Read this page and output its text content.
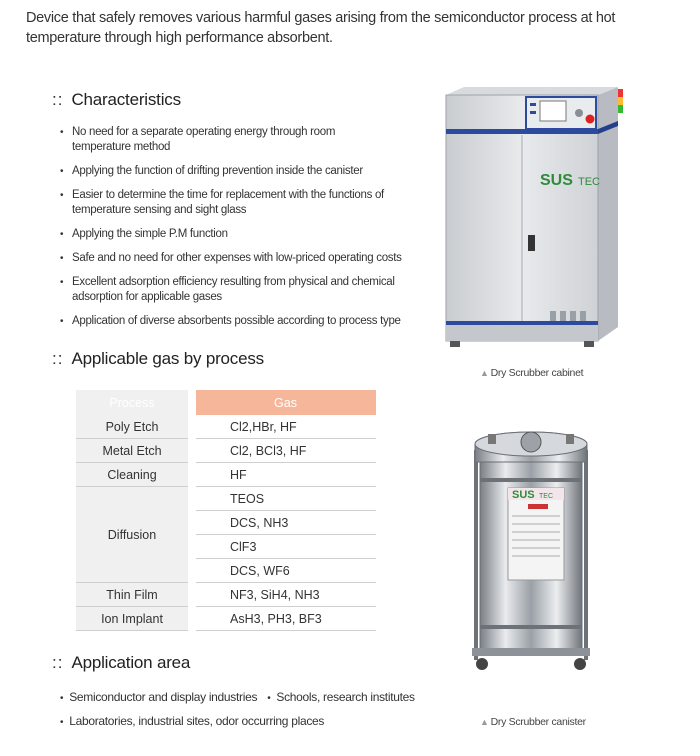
Device that safely removes various harmful gases arising from the semiconductor process at hot temperature through high performance absorbent.
:: Characteristics
• No need for a separate operating energy through room temperature method
• Applying the function of drifting prevention inside the canister
• Easier to determine the time for replacement with the functions of temperature sensing and sight glass
• Applying the simple P.M function
• Safe and no need for other expenses with low-priced operating costs
• Excellent adsorption efficiency resulting from physical and chemical adsorption for applicable gases
• Application of diverse absorbents possible according to process type
:: Applicable gas by process
Process		Gas
Poly Etch		Cl2,HBr, HF
Metal Etch		Cl2, BCl3, HF
Cleaning		HF
Diffusion		TEOS
		DCS, NH3
		ClF3
		DCS, WF6
Thin Film		NF3, SiH4, NH3
Ion Implant		AsH3, PH3, BF3
:: Application area
• Semiconductor and display industries • Schools, research institutes
• Laboratories, industrial sites, odor occurring places
SUS TEC
▲ Dry Scrubber cabinet
SUS TEC
▲ Dry Scrubber canister
